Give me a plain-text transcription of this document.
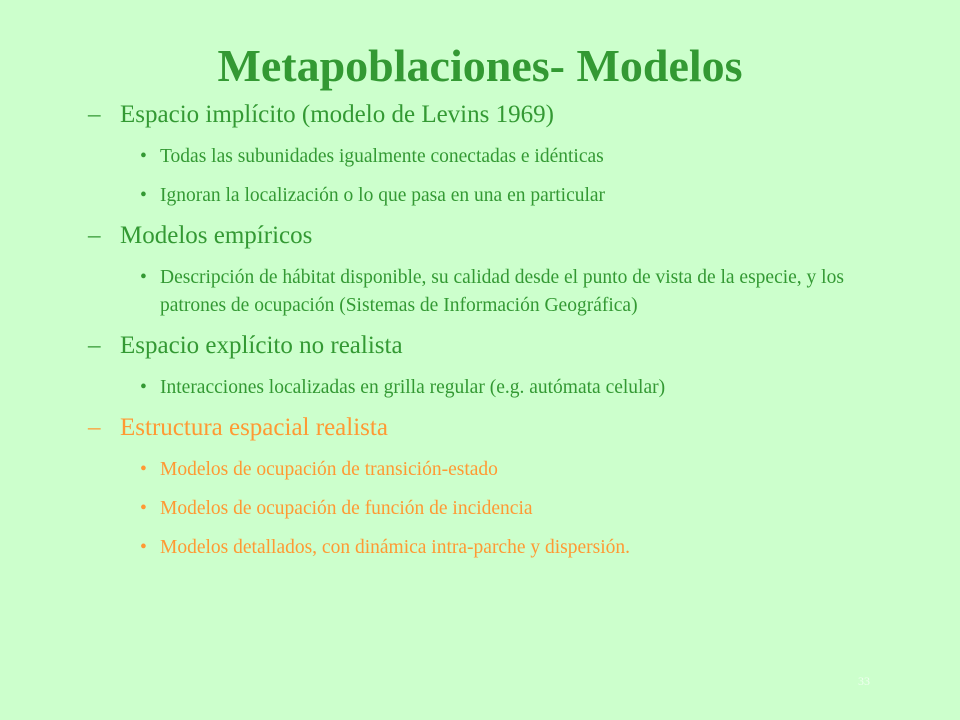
Metapoblaciones- Modelos
– Espacio implícito (modelo de Levins 1969)
• Todas las subunidades igualmente conectadas e idénticas
• Ignoran la localización o lo que pasa en una en particular
– Modelos empíricos
• Descripción de hábitat disponible, su calidad desde el punto de vista de la especie, y los patrones de ocupación (Sistemas de Información Geográfica)
– Espacio explícito no realista
• Interacciones localizadas en grilla regular (e.g. autómata celular)
– Estructura espacial realista
• Modelos de ocupación de transición-estado
• Modelos de ocupación de función de incidencia
• Modelos detallados, con dinámica intra-parche y dispersión.
33
